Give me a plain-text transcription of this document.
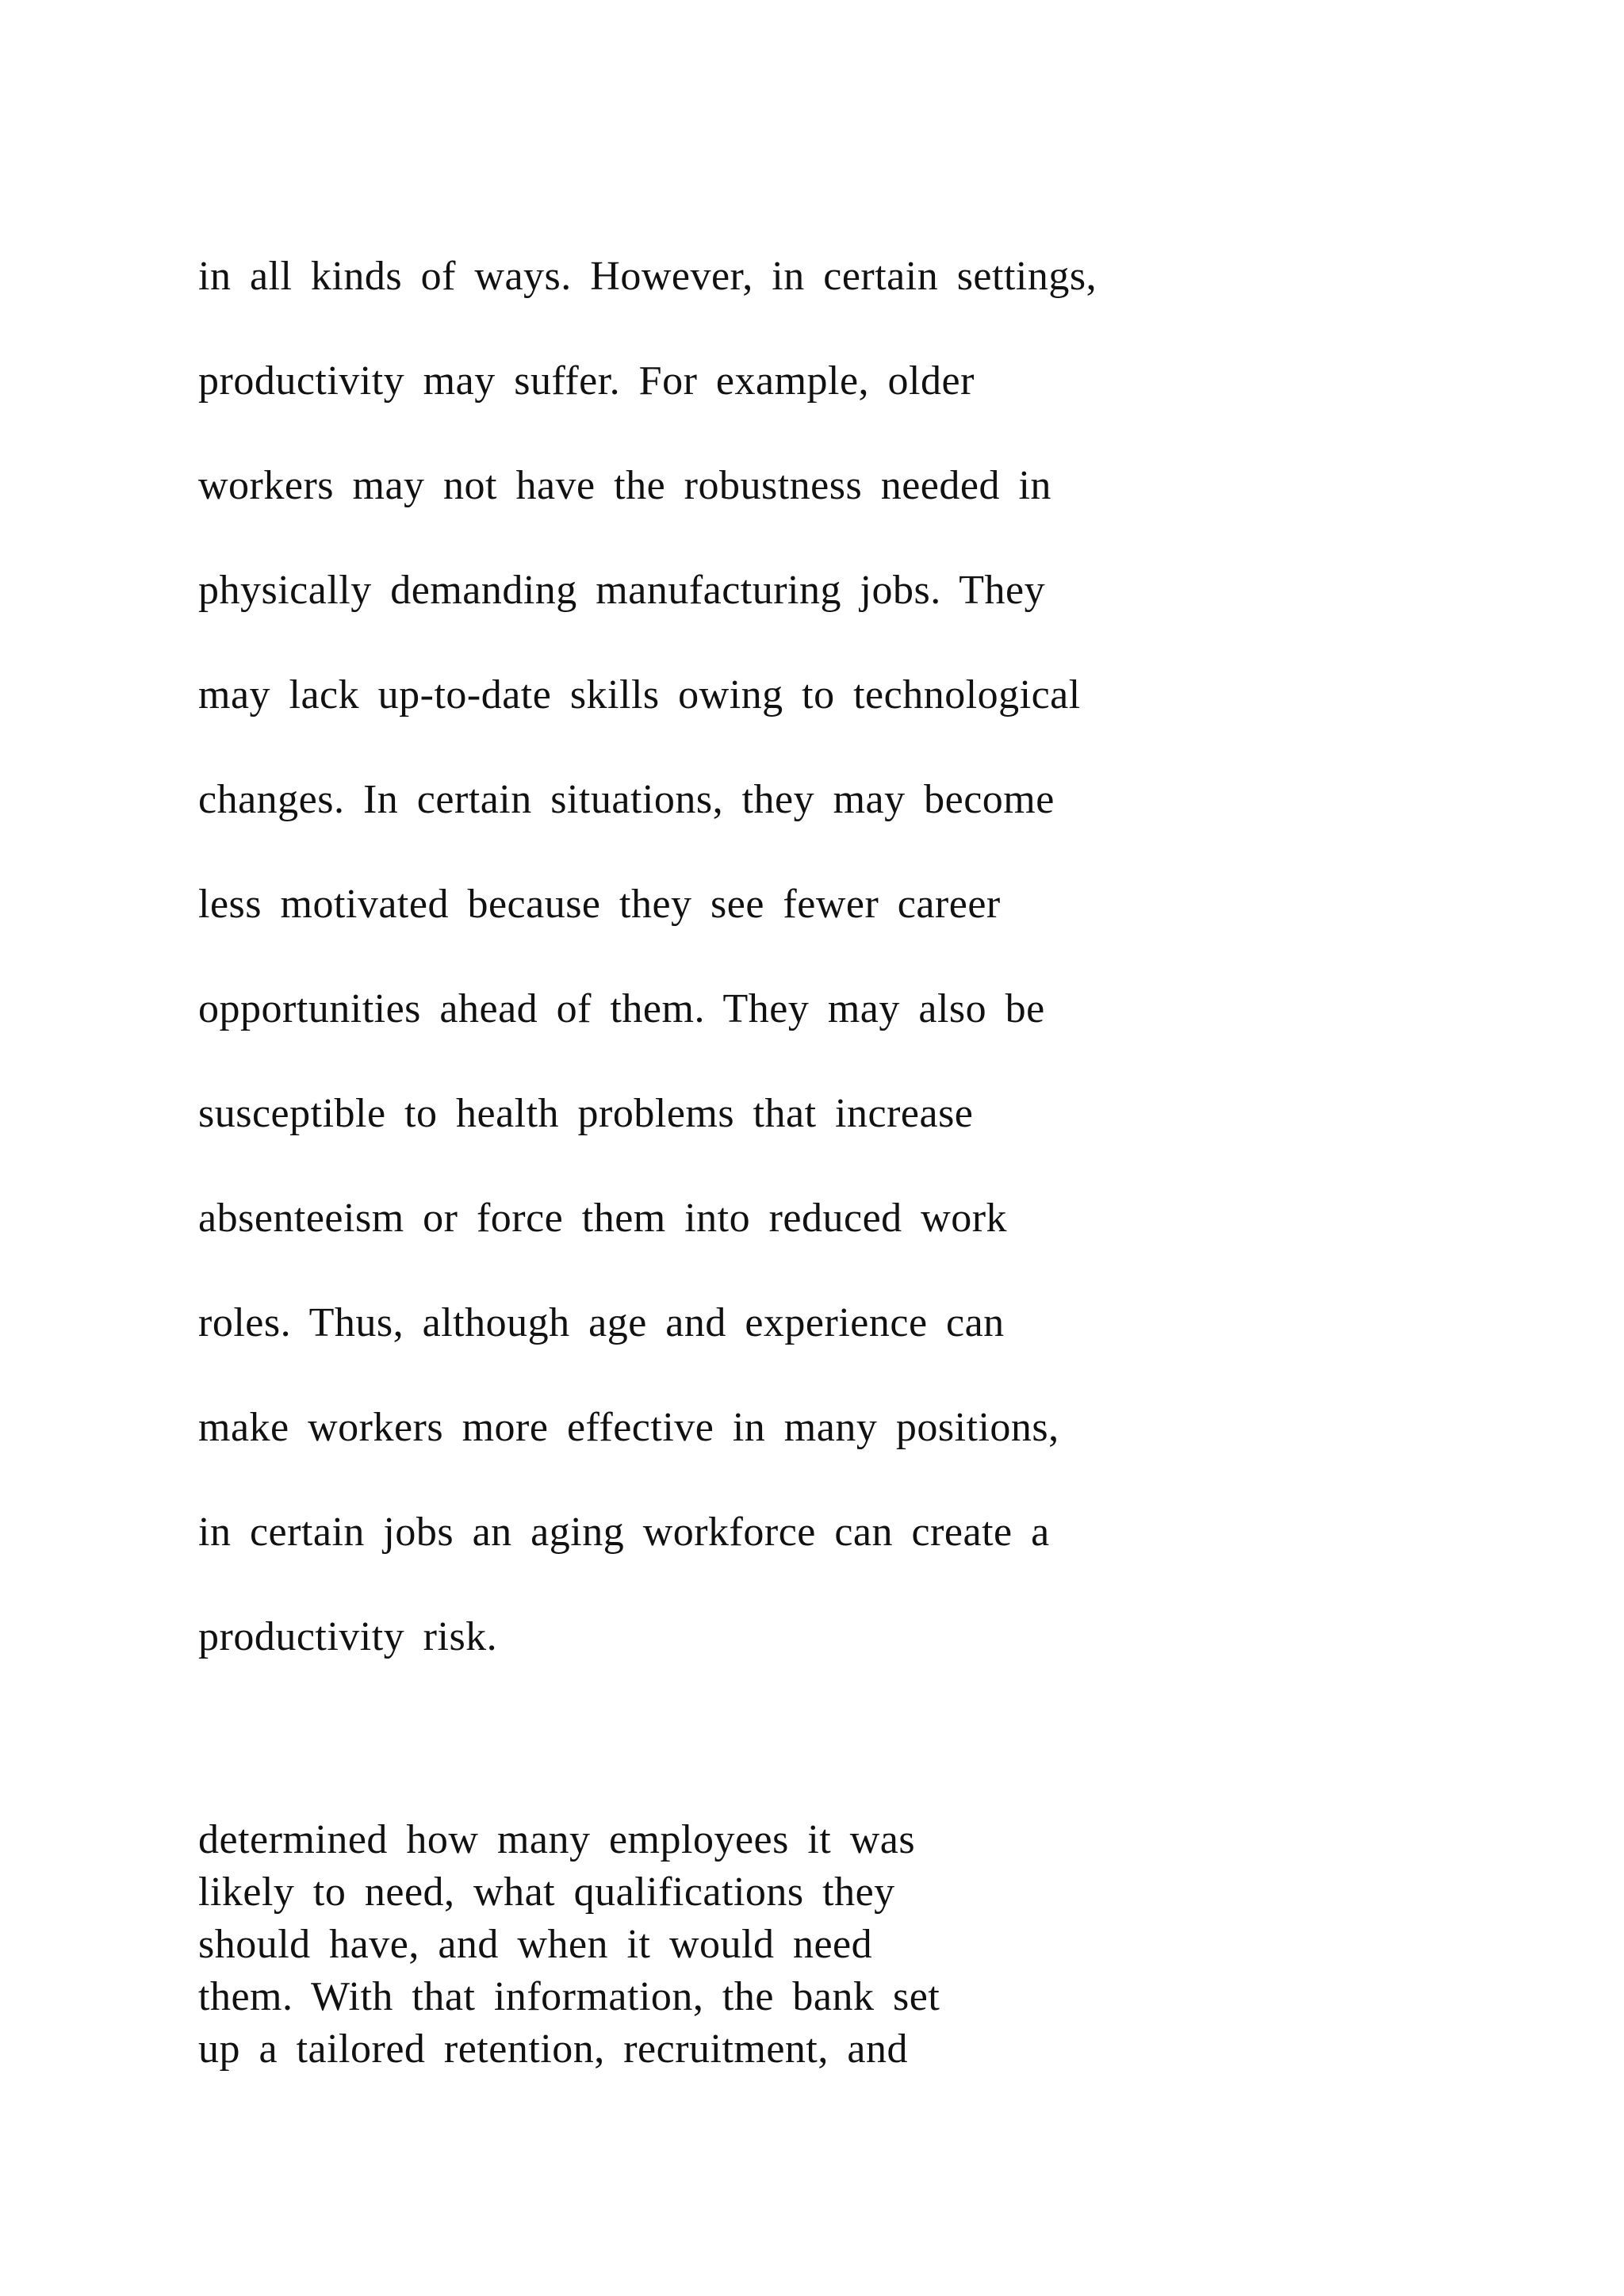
in all kinds of ways. However, in certain settings,
productivity may suffer. For example, older
workers may not have the robustness needed in
physically demanding manufacturing jobs. They
may lack up-to-date skills owing to technological
changes. In certain situations, they may become
less motivated because they see fewer career
opportunities ahead of them. They may also be
susceptible to health problems that increase
absenteeism or force them into reduced work
roles. Thus, although age and experience can
make workers more effective in many positions,
in certain jobs an aging workforce can create a
productivity risk.
determined how many employees it was
likely to need, what qualifications they
should have, and when it would need
them. With that information, the bank set
up a tailored retention, recruitment, and
